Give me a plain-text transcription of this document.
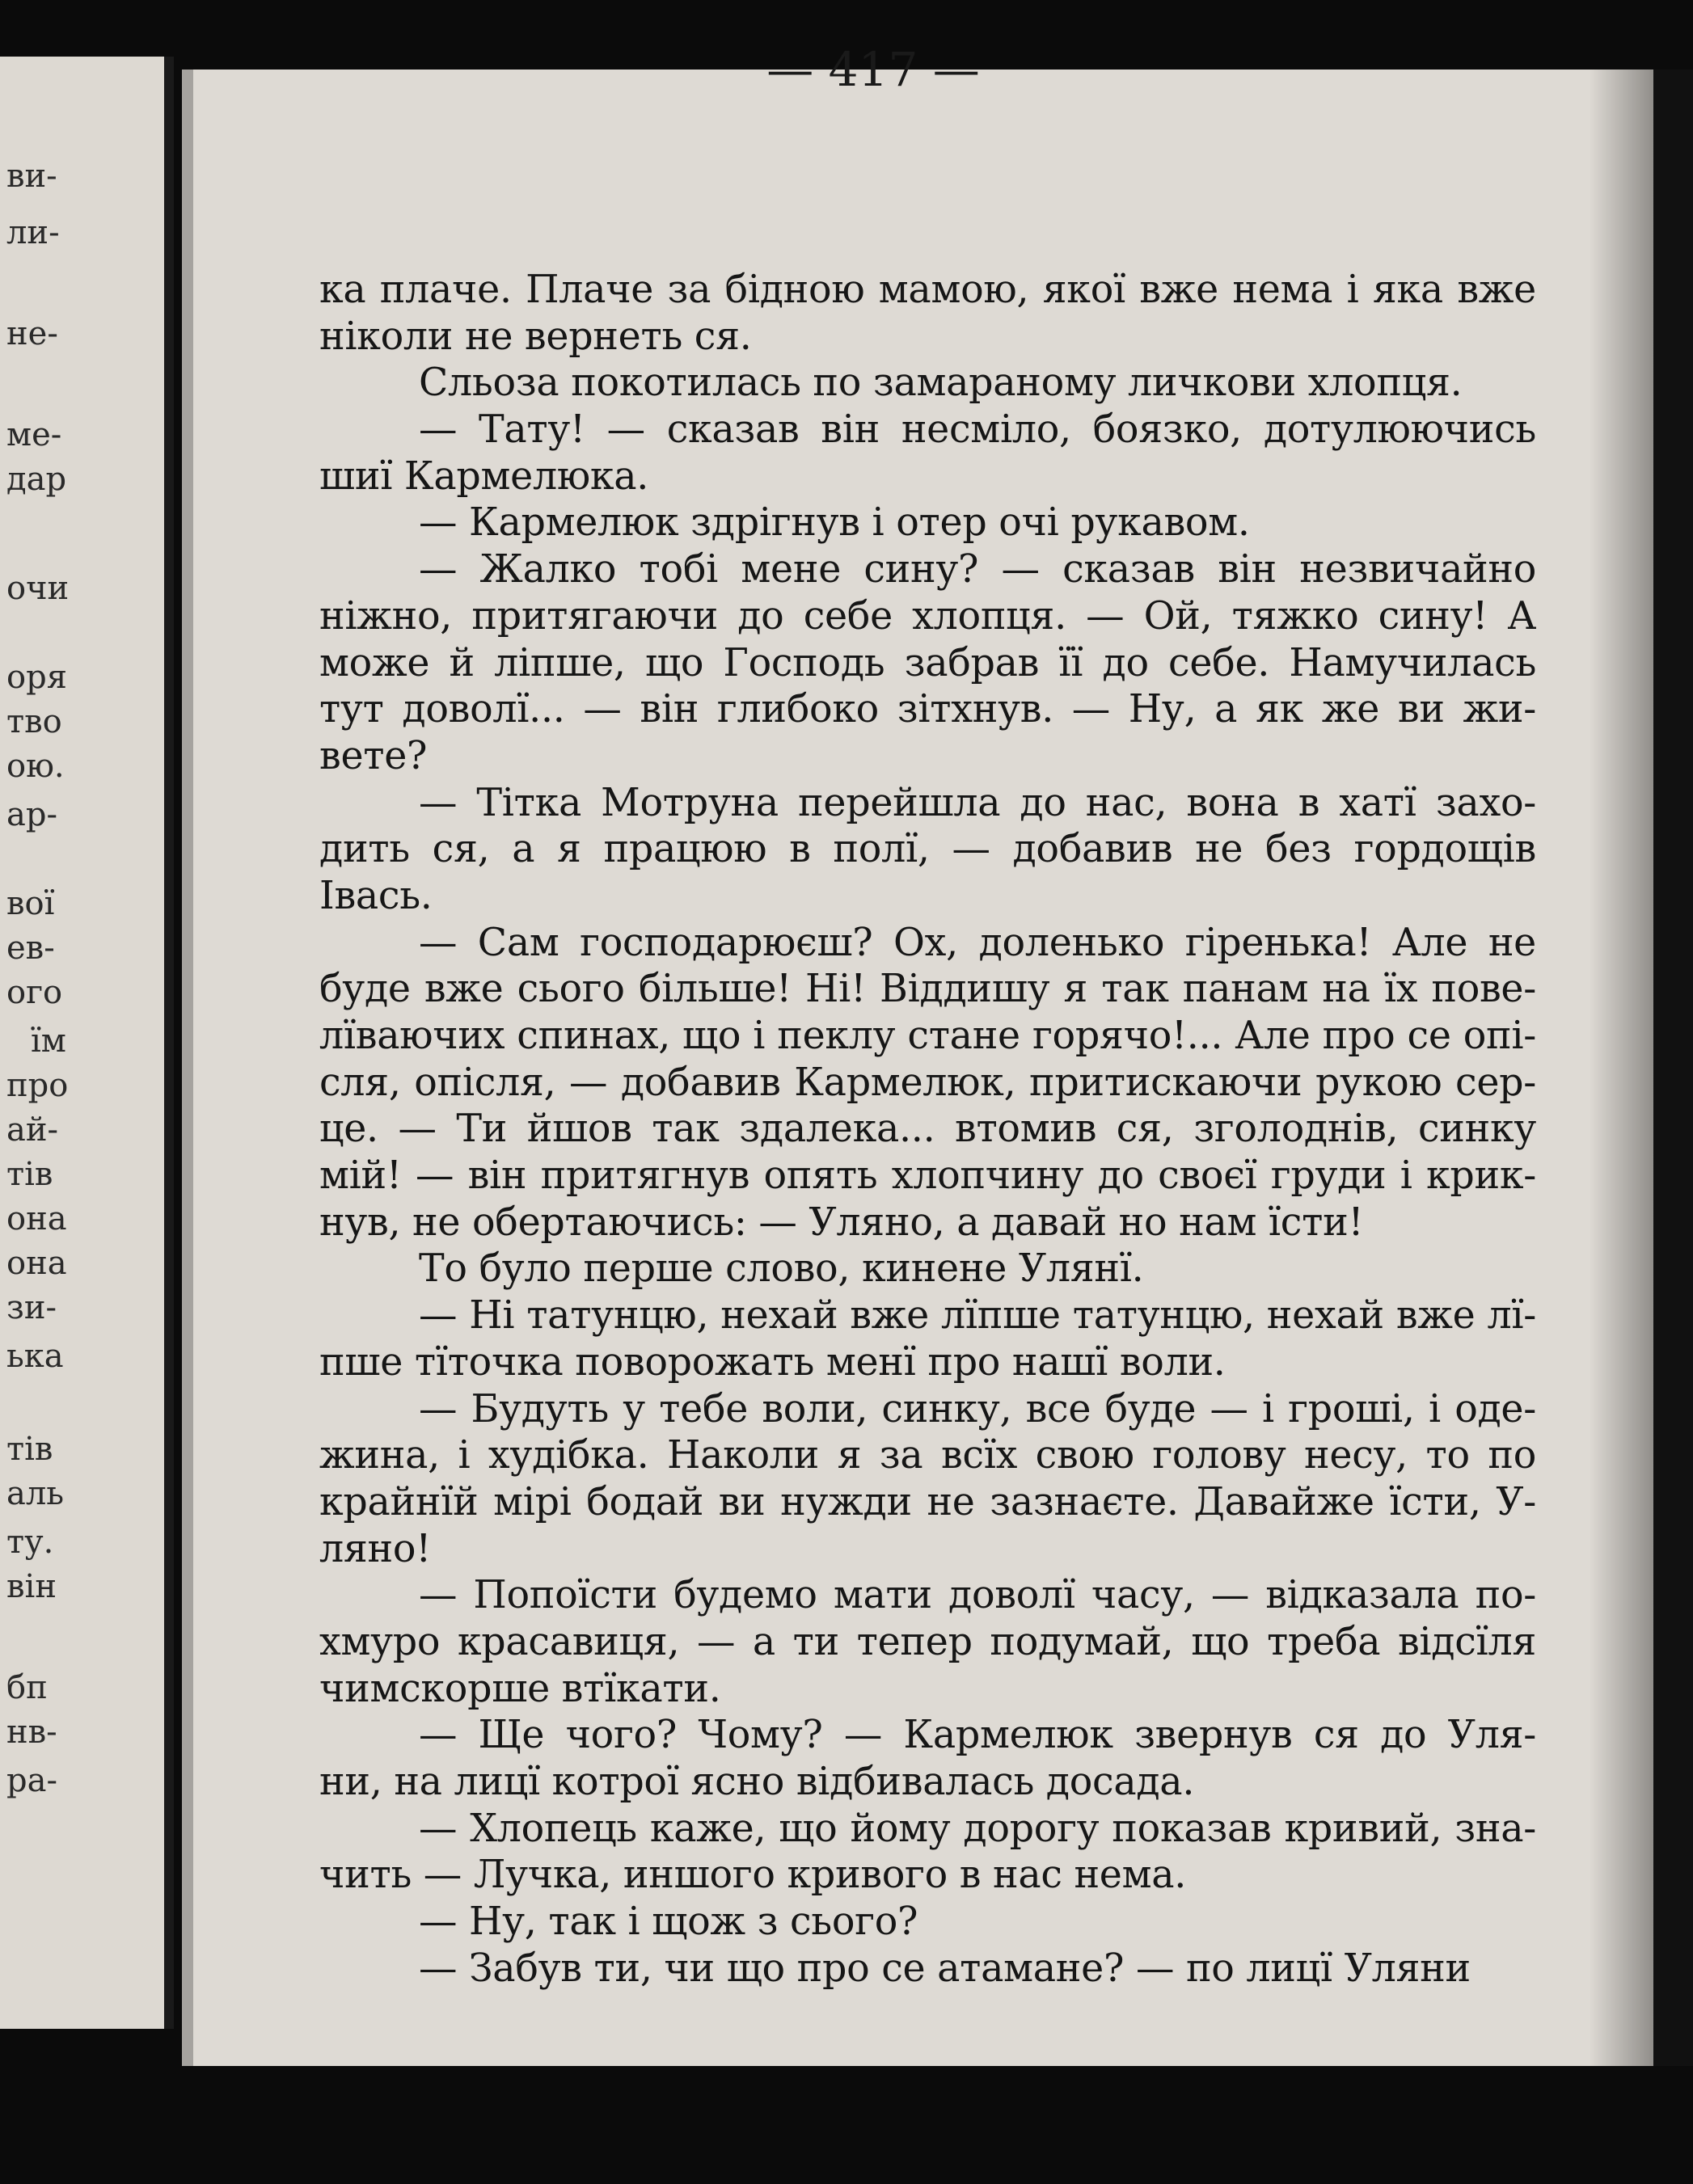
ви-
ли-
не-
ме-
дар
очи
оря
тво
ою.
ар-
вої
ев-
ого
їм
про
ай-
тів
она
она
зи-
ька
тів
аль
ту.
він
бп
нв-
ра-
— 417 —
ка плаче. Плаче за бідною мамою, якої вже нема і яка вже
ніколи не вернеть ся.
Сльоза покотилась по замараному личкови хлопця.
— Тату! — сказав він несміло, боязко, дотулюючись
шиї Кармелюка.
— Кармелюк здрігнув і отер очі рукавом.
— Жалко тобі мене сину? — сказав він незвичайно
ніжно, притягаючи до себе хлопця. — Ой, тяжко сину! А
може й ліпше, що Господь забрав її до себе. Намучилась
тут доволї... — він глибоко зітхнув. — Ну, а як же ви жи-
вете?
— Тітка Мотруна перейшла до нас, вона в хатї захо-
дить ся, а я працюю в полї, — добавив не без гордощів
Івась.
— Сам господарюєш? Ох, доленько гіренька! Але не
буде вже сього більше! Ні! Віддишу я так панам на їх пове-
лїваючих спинах, що і пеклу стане горячо!... Але про се опі-
сля, опісля, — добавив Кармелюк, притискаючи рукою сер-
це. — Ти йшов так здалека... втомив ся, зголоднів, синку
мій! — він притягнув опять хлопчину до своєї груди і крик-
нув, не обертаючись: — Уляно, а давай но нам їсти!
То було перше слово, кинене Улянї.
— Ні татунцю, нехай вже лїпше татунцю, нехай вже лї-
пше тїточка поворожать менї про нашї воли.
— Будуть у тебе воли, синку, все буде — і гроші, і оде-
жина, і худібка. Наколи я за всїх свою голову несу, то по
крайнїй мірі бодай ви нужди не зазнаєте. Давайже їсти, У-
ляно!
— Попоїсти будемо мати доволї часу, — відказала по-
хмуро красавиця, — а ти тепер подумай, що треба відсїля
чимскорше втїкати.
— Ще чого? Чому? — Кармелюк звернув ся до Уля-
ни, на лицї котрої ясно відбивалась досада.
— Хлопець каже, що йому дорогу показав кривий, зна-
чить — Лучка, иншого кривого в нас нема.
— Ну, так і щож з сього?
— Забув ти, чи що про се атамане? — по лицї Уляни
